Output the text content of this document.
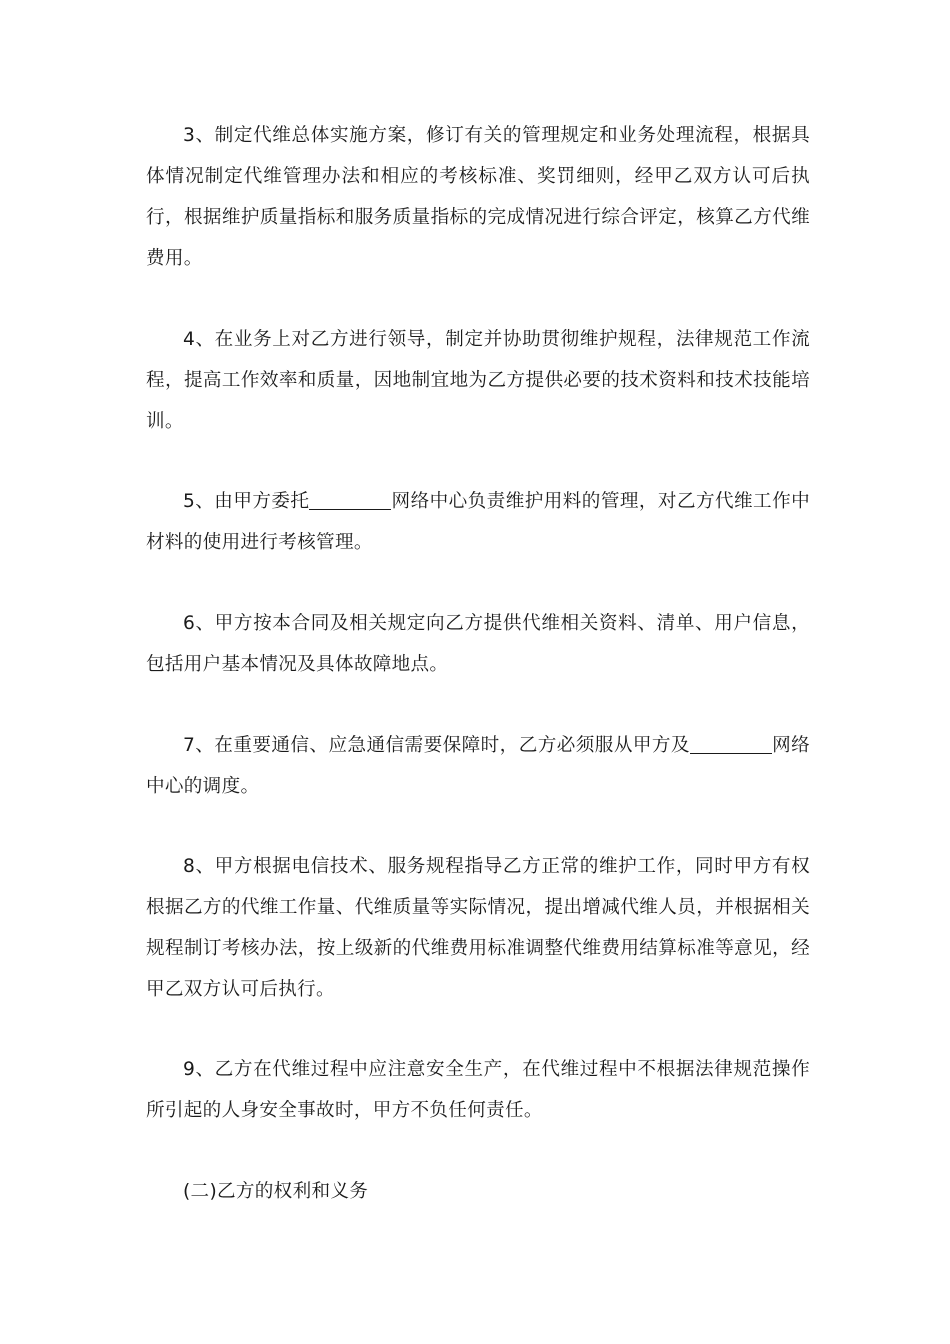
3、制定代维总体实施方案，修订有关的管理规定和业务处理流程，根据具体情况制定代维管理办法和相应的考核标准、奖罚细则，经甲乙双方认可后执行，根据维护质量指标和服务质量指标的完成情况进行综合评定，核算乙方代维费用。

4、在业务上对乙方进行领导，制定并协助贯彻维护规程，法律规范工作流程，提高工作效率和质量，因地制宜地为乙方提供必要的技术资料和技术技能培训。

5、由甲方委托	网络中心负责维护用料的管理，对乙方代维工作中材料的使用进行考核管理。

6、甲方按本合同及相关规定向乙方提供代维相关资料、清单、用户信息，包括用户基本情况及具体故障地点。

7、在重要通信、应急通信需要保障时，乙方必须服从甲方及	网络中心的调度。

8、甲方根据电信技术、服务规程指导乙方正常的维护工作，同时甲方有权根据乙方的代维工作量、代维质量等实际情况，提出增减代维人员，并根据相关规程制订考核办法，按上级新的代维费用标准调整代维费用结算标准等意见，经甲乙双方认可后执行。

9、乙方在代维过程中应注意安全生产，在代维过程中不根据法律规范操作所引起的人身安全事故时，甲方不负任何责任。

(二)乙方的权利和义务
